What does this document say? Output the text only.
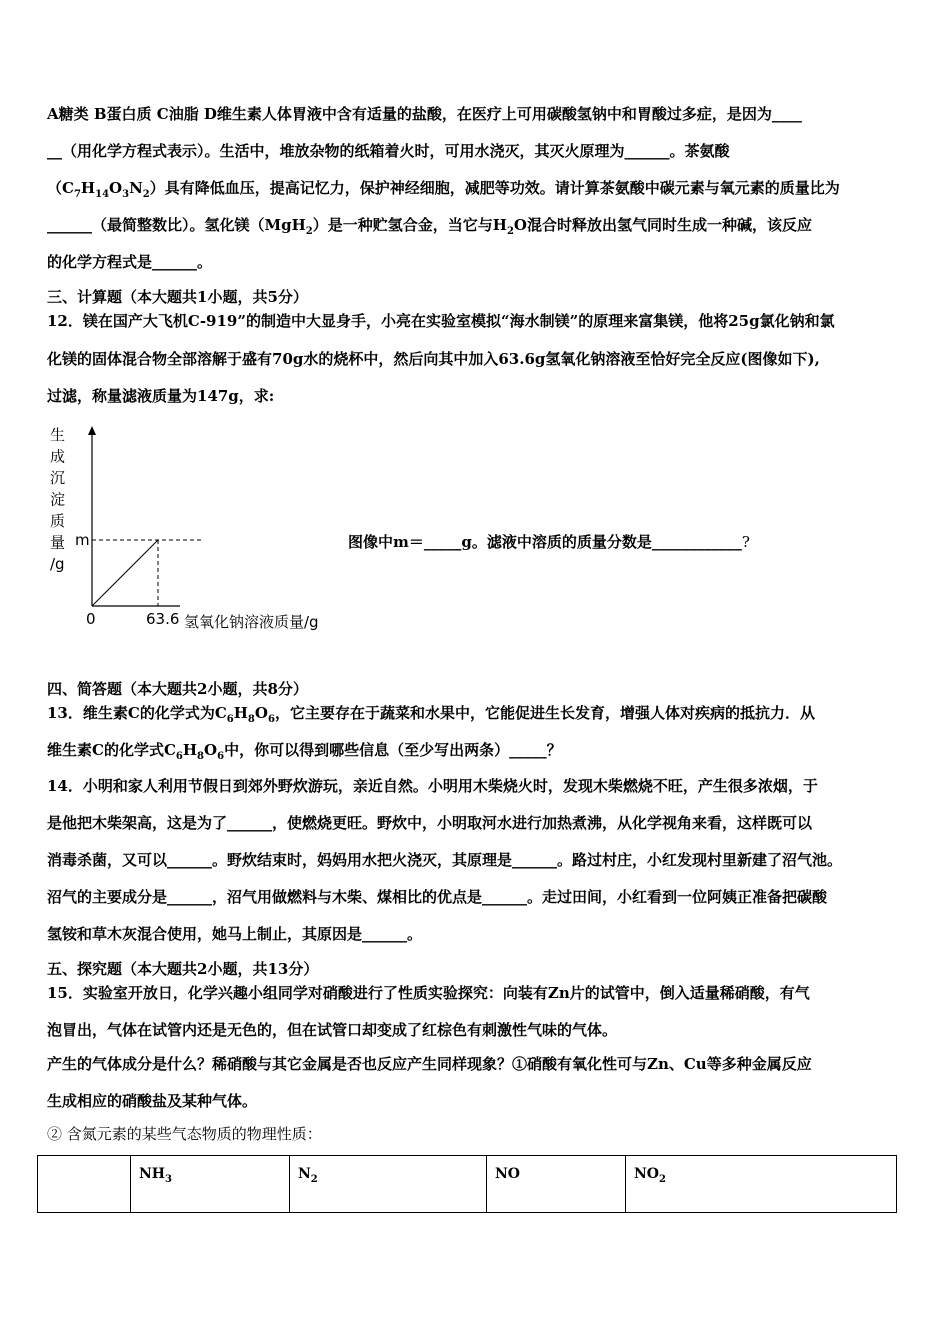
A糖类 B蛋白质 C油脂 D维生素人体胃液中含有适量的盐酸，在医疗上可用碳酸氢钠中和胃酸过多症，是因为____
__（用化学方程式表示）。生活中，堆放杂物的纸箱着火时，可用水浇灭，其灭火原理为______。茶氨酸
$(C_7H_{14}O_3N_2)$具有降低血压，提高记忆力，保护神经细胞，减肥等功效。请计算茶氨酸中碳元素与氧元素的质量比为
______（最简整数比）。氢化镁（MgH$_2$）是一种贮氢合金，当它与$H_2O$混合时释放出氢气同时生成一种碱，该反应
的化学方程式是______。
三、计算题（本大题共1小题，共5分）
12．镁在国产大飞机C-919”的制造中大显身手，小亮在实验室模拟“海水制镁”的原理来富集镁，他将25g氯化钠和氯
化镁的固体混合物全部溶解于盛有70g水的烧杯中，然后向其中加入63.6g氢氧化钠溶液至恰好完全反应(图像如下),
过滤，称量滤液质量为147g，求:
生
成
沉
淀
质
量
/g
m
0	63.6 氢氧化钠溶液质量/g
图像中m＝_____g。滤液中溶质的质量分数是____________?
四、简答题（本大题共2小题，共8分）
13．维生素C的化学式为$C_6H_8O_6$，它主要存在于蔬菜和水果中，它能促进生长发育，增强人体对疾病的抵抗力．从
维生素C的化学式$C_6H_8O_6$中，你可以得到哪些信息（至少写出两条）_____？
14．小明和家人利用节假日到郊外野炊游玩，亲近自然。小明用木柴烧火时，发现木柴燃烧不旺，产生很多浓烟，于
是他把木柴架高，这是为了______，使燃烧更旺。野炊中，小明取河水进行加热煮沸，从化学视角来看，这样既可以
消毒杀菌，又可以______。野炊结束时，妈妈用水把火浇灭，其原理是______。路过村庄，小红发现村里新建了沼气池。
沼气的主要成分是______，沼气用做燃料与木柴、煤相比的优点是______。走过田间，小红看到一位阿姨正准备把碳酸
氢铵和草木灰混合使用，她马上制止，其原因是______。
五、探究题（本大题共2小题，共13分）
15．实验室开放日，化学兴趣小组同学对硝酸进行了性质实验探究：向装有Zn片的试管中，倒入适量稀硝酸，有气
泡冒出，气体在试管内还是无色的，但在试管口却变成了红棕色有刺激性气味的气体。
产生的气体成分是什么？稀硝酸与其它金属是否也反应产生同样现象？①硝酸有氧化性可与Zn、Cu等多种金属反应
生成相应的硝酸盐及某种气体。
② 含氮元素的某些气态物质的物理性质：
	$NH_3$	$N_2$	NO	$NO_2$
